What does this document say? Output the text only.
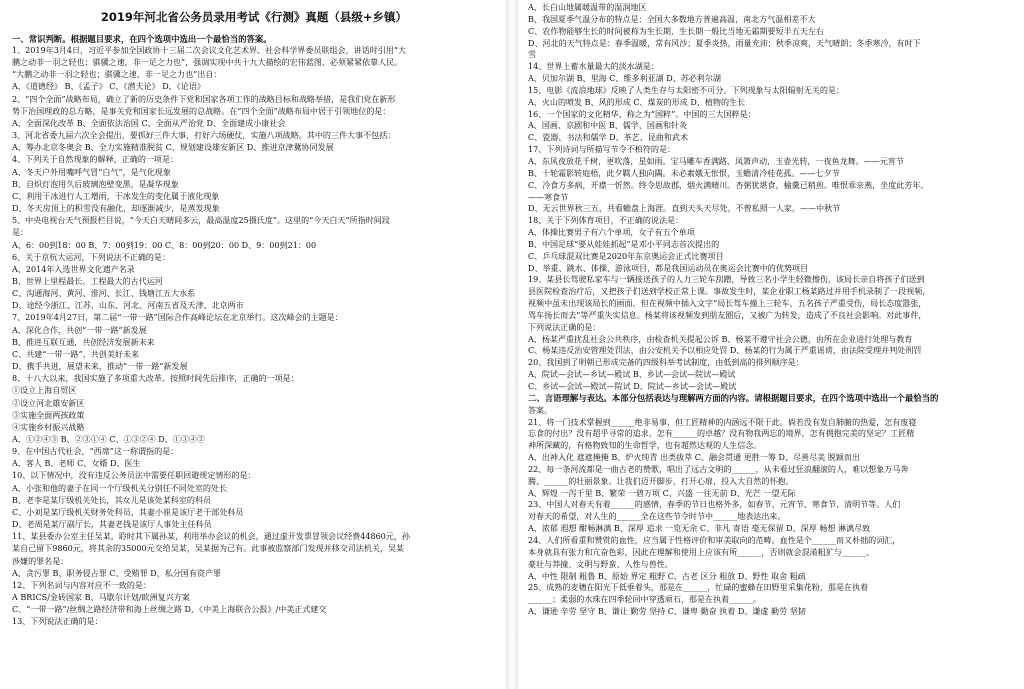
2019年河北省公务员录用考试《行测》真题（县级+乡镇）
一、常识判断。根据题目要求，在四个选项中选出一个最恰当的答案。
1、2019年3月4日，习近平参加全国政协十三届二次会议文化艺术界、社会科学界委员联组会，讲话时引用“大
鹏之动非一羽之轻也；骐骥之速，非一足之力也”，强调实现中共十九大描绘的宏伟蓝图，必须紧紧依靠人民。
“大鹏之动非一羽之轻也；骐骥之速，非一足之力也”出自：
A、《道德经》 B、《孟子》 C、《潜夫论》 D、《论语》
2、“四个全面”战略布局，确立了新的历史条件下党和国家各项工作的战略目标和战略举措，是我们党在新形
势下治国理政的总方略，是事关党和国家长远发展的总战略。在“四个全面”战略布局中居于引领地位的是：
A、全面深化改革 B、全面依法治国 C、全面从严治党 D、全面建成小康社会
3、河北省委九届六次全会提出，要抓好三件大事，打好六场硬仗，实施八项战略。其中的三件大事不包括：
A、筹办北京冬奥会 B、全力实施精准脱贫 C、规划建设雄安新区 D、推进京津冀协同发展
4、下列关于自然现象的解释，正确的一项是：
A、冬天户外用嘴呼气冒“白气”，是气化现象
B、自炽灯泡用久后玻璃泡壁变黑，是凝华现象
C、利用干冰进行人工增雨，干冰发生的变化属于液化现象
D、冬天房顶上的积雪没有融化，却逐渐减少，是蒸发现象
5、中央电视台天气预报栏目说，“今天白天晴间多云，最高温度25摄氏度”。这里的“今天白天”所指时间段
是：
A、6：00到18：00 B、7：00到19：00 C、8：00到20：00 D、9：00到21：00
6、关于京杭大运河，下列说法不正确的是：
A、2014年入选世界文化遗产名录
B、世界上里程最长、工程最大的古代运河
C、沟通海河、黄河、淮河、长江、钱塘江五大水系
D、途经今浙江、江苏、山东、河北、河南五省及天津、北京两市
7、2019年4月27日，第二届“一带一路”国际合作高峰论坛在北京举行。这次峰会的主题是：
A、深化合作，共创“一带一路”新发展
B、推进互联互通，共创经济发展新未来
C、共建“一带一路”，共创美好未来
D、携手共进，展望未来，推动“一带一路”新发展
8、十八大以来，我国实施了多项重大改革。按照时间先后排序，正确的一项是：
①设立上海自贸区
②设立河北雄安新区
③实施全面两孩政策
④实施乡村振兴战略
A、①②④③ B、②③①④ C、①③②④ D、①③④②
9、在中国古代社会，“西席”这一称谓指的是：
A、客人 B、老师 C、女婿 D、医生
10、以下情况中，没有违反公务员法中需要任职回避规定情形的是：
A、小张和他的妻子在同一个厅级机关分别任不同处室的处长
B、老李是某厅级机关处长，其女儿是该处某科室的科员
C、小刘是某厅级机关财务处科员，其妻小崔是该厅老干部处科员
D、老周是某厅副厅长，其妻老钱是该厅人事处主任科员
11、某县委办公室主任吴某，聆时其下属孙某，利用举办会议的机会，通过虚开发票冒领会议经费44860元，孙
某自己留下9860元，将其余的35000元交给吴某，吴某据为己有。此事被监察部门发现并移交司法机关，吴某
涉嫌的罪名是：
A、贪污罪 B、职务侵占罪 C、受贿罪 D、私分国有资产罪
12、下列名词与内容对应不一致的是：
A BRICS/金砖国家 B、马歇尔计划/欧洲复兴方案
C、“一带一路”/丝绸之路经济带和海上丝绸之路 D、《中美上海联合公报》/中美正式建交
13、下列说法正确的是：
A、长白山地属暖温带的湿润地区
B、我国夏季气温分布的特点是：全国大多数地方普遍高温，南北方气温相差不大
C、农作物能够生长的时间被称为生长期，生长期一般比当地无霜期要短半五天左右
D、河北的天气特点是：春季温暖，常有风沙；夏季炎热，雨量充沛；秋季凉爽，天气晴朗；冬季寒冷，有时下
雪
14、世界上蓄水量最大的淡水湖是：
A、贝加尔湖 B、里海 C、维多利亚湖 D、苏必利尔湖
15、电影《流浪地球》反映了人类生存与太阳密不可分。下列现象与太阳辐射无关的是：
A、火山的喷发 B、风的形成 C、煤炭的形成 D、植物的生长
16、一个国家的文化精华，称之为“国粹”。中国的三大国粹是：
A、国画、京剧和中医 B、儒学、国画和针灸
C、瓷器、书法和儒学 D、茶艺、昆曲和武术
17、下列诗词与所描写节令不相符的是：
A、东风夜放花千树，更吹落，星如雨。宝马雕车香满路，凤箫声动，玉壶光转，一夜鱼龙舞。——元宵节
B、十轮霜影转庭梧，此夕羁人独向隅。未必素娥无怅恨，玉蟾清冷桂花孤。——七夕节
C、冷食方多病，开襟一忻然。终令思故郡，烟火满晴川。杏粥犹堪食，榆羹已稍煎。唯恨乖亲燕，坐度此芳年。
——寒食节
D、无云世界秋三五，共看蟾盘上海涯。直到天头天尽处，不曾私照一人家。——中秋节
18、关于下列体育项目，不正确的说法是：
A、体操比赛男子有六个单项，女子有五个单项
B、中国足球“要从娃娃抓起”是邓小平同志首次提出的
C、乒乓球混双比赛是2020年东京奥运会正式比赛项目
D、举重、跳水、体操、游泳项目，都是我国运动员在奥运会比赛中的优势项目
19、某县长驾驶私家车与一辆接送孩子的人力三轮车刮蹭，导致三名小学生轻微擦伤，该局长亲自将孩子们送到
县医院检查治疗后，又把孩子们送到学校正常上课。事故发生时，某企业职工杨某路过并用手机录制了一段视频，
视频中虽未出现该局长的画面，但在视频中插入文字“局长驾车撞上三轮车，五名孩子严重受伤，局长态度嚣张，
骂车扬长而去”等严重失实信息。杨某将该视频发到朋友圈后，又被广为转发，造成了不良社会影响。对此事件，
下列说法正确的是：
A、杨某严重扰乱社会公共秩序，由检查机关提起公诉 B、杨某不遵守社会公德，由所在企业进行处理与教育
C、杨某违反治安管理处罚法，由公安机关予以相应处罚 D、杨某的行为属于严重谣谤，由法院受理并判处刑罚
20、我国到了明朝已形成完备的四级科举考试制度，由低到高的排列顺序是：
A、院试—会试—乡试—殿试 B、乡试—会试—院试—殿试
C、乡试—会试—殿试—院试 D、院试—乡试—会试—殿试
二、言语理解与表达。本部分包括表达与理解两方面的内容。请根据题目要求，在四个选项中选出一个最恰当的
答案。
21、将一门技术掌握到______绝非易事，但工匠精神的内涵远不限于此。倘若没有发自肺腑的热爱，怎有废寝
忘食的付出？没有超乎寻常的追求，怎有______的卓越？没有物我两忘的境界，怎有拥抱完美的坚定？工匠精
神所深藏的，有格物致知的生命哲学，也有超然达观的人生信念。
A、出神入化 遮遮掩掩 B、炉火纯青 出类拔萃 C、融会贯通 更胜一筹 D、尽善尽美 脱颖而出
22、每一条河流都是一曲古老的赞歌，唱出了远古文明的______，从未看过狂浪翻滚的人，难以想象万马奔
腾、______的壮丽景象。让我们迈开脚步，打开心扉，投入大自然的怀抱。
A、辉煌 一泻千里 B、繁荣 一碧万顷 C、兴盛 一往无前 D、光芒 一望无际
23、中国人对春天有着______的感情，春季的节日也格外多，如春节、元宵节、寒食节、清明节等。人们
对春天的希望，对人生的______全在这些节令时节中______地表达出来。
A、浓郁 遐想 酣畅淋漓 B、深厚 追求 一览无余 C、非凡 寄语 毫无保留 D、深厚 畅想 淋漓尽致
24、人们所看重和赞赏的血性，应当属于性格评价和审美取向的范畴。血性是个______而又朴拙的词汇，
本身就具有张力和亢奋色彩，因此在理解和使用上应该有所______，否则就会混淆粗犷与______、
豪壮与莽撞、文明与野蛮、人性与兽性。
A、中性 限制 粗鲁 B、原始 界定 粗野 C、古老 区分 粗放 D、野性 取舍 粗疏
25、成熟的麦穗在阳光下低垂着头，那是在______，忙碌的蜜蜂在田野里采集花粉，那是在执着
______；柔弱的水珠在四季轮回中穿透顽石，那是在执着______。
A、谦逊 辛劳 坚守 B、谦让 勤劳 坚持 C、谦卑 勤奋 执着 D、谦虚 勤劳 坚韧
